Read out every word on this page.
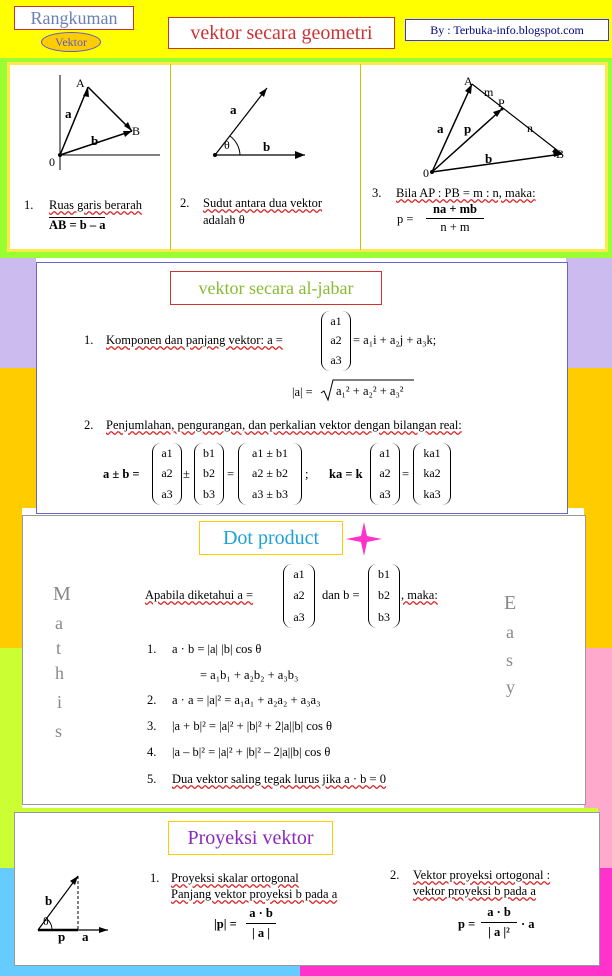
Rangkuman
Vektor	vektor secara geometri	By : Terbuka-info.blogspot.com
A
B
a
b
0
1. Ruas garis berarah
AB = b – a
a
b
θ
2. Sudut antara dua vektor
adalah θ
A
m
P
n
B
a p
b
0
3. Bila AP : PB = m : n, maka:
p =
na + mb
n + m
vektor secara al-jabar
1. Komponen dan panjang vektor: a =
a1
a2
a3
= a₁i + a₂j + a₃k;
|a| = a₁² + a₂² + a₃²
2. Penjumlahan, pengurangan, dan perkalian vektor dengan bilangan real:
a ± b =
a1
a2
a3
±
b1
b2
b3
=
a1 ± b1
a2 ± b2
a3 ± b3
; ka = k
a1
a2
a3
=
ka1
ka2
ka3
Dot product
M
a
t
h
i
s
E
a
s
y
Apabila diketahui a =
a1
a2
a3
dan b =
b1
b2
b3
, maka:
1. a · b = |a| |b| cos θ
= a₁b₁ + a₂b₂ + a₃b₃
2. a · a = |a|² = a₁a₁ + a₂a₂ + a₃a₃
3. |a + b|² = |a|² + |b|² + 2|a||b| cos θ
4. |a – b|² = |a|² + |b|² – 2|a||b| cos θ
5. Dua vektor saling tegak lurus jika a · b = 0
Proyeksi vektor
b
θ
p a
1. Proyeksi skalar ortogonal
Panjang vektor proyeksi b pada a
|p| =
a · b
| a |
2. Vektor proyeksi ortogonal :
vektor proyeksi b pada a
p =
a · b
| a |²
· a
